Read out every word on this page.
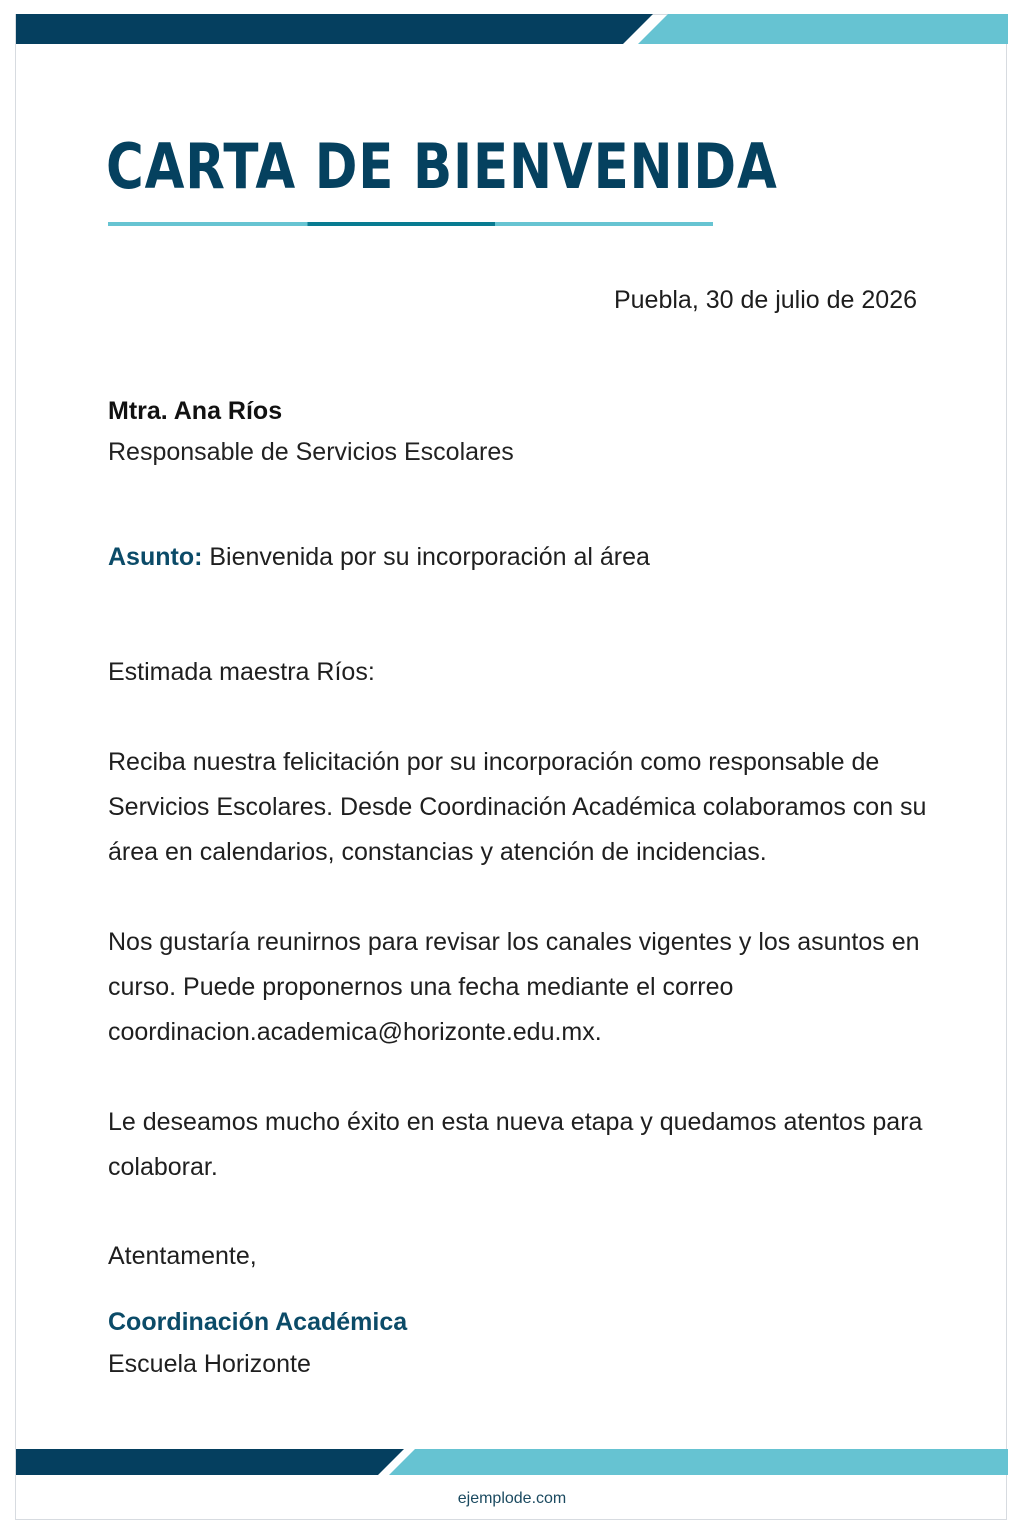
CARTA DE BIENVENIDA

Puebla, 30 de julio de 2026

Mtra. Ana Ríos

Responsable de Servicios Escolares

Asunto: Bienvenida por su incorporación al área

Estimada maestra Ríos:

Reciba nuestra felicitación por su incorporación como responsable de Servicios Escolares. Desde Coordinación Académica colaboramos con su área en calendarios, constancias y atención de incidencias.

Nos gustaría reunirnos para revisar los canales vigentes y los asuntos en curso. Puede proponernos una fecha mediante el correo coordinacion.academica@horizonte.edu.mx.

Le deseamos mucho éxito en esta nueva etapa y quedamos atentos para colaborar.

Atentamente,

Coordinación Académica

Escuela Horizonte

ejemplode.com
